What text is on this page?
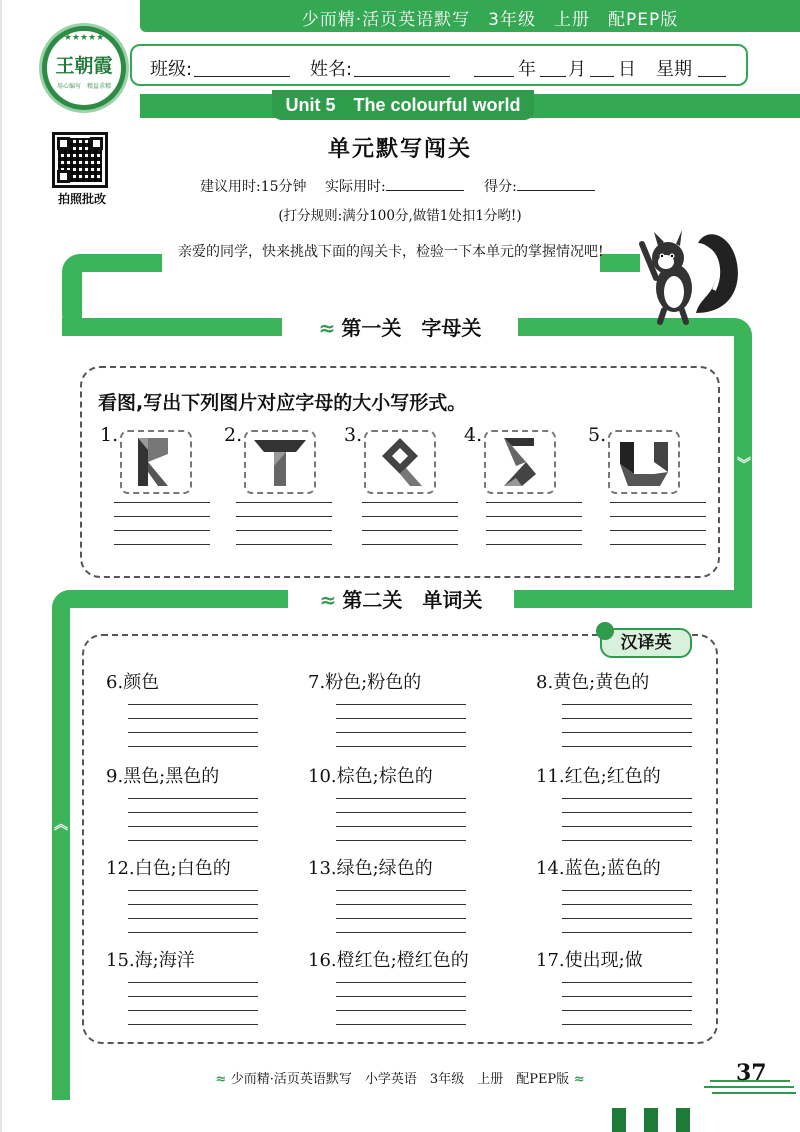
少而精·活页英语默写　3年级　上册　配PEP版
班级:	姓名:	年 月 日 星期
Unit 5　The colourful world
★★★★★
王朝霞
用心编写　精益求精
拍照批改
单元默写闯关
建议用时:15分钟 实际用时:	得分:
(打分规则:满分100分,做错1处扣1分哟!)
︾
︽
亲爱的同学，快来挑战下面的闯关卡，检验一下本单元的掌握情况吧!
≈ 第一关　字母关
看图,写出下列图片对应字母的大小写形式。
1.	2.	3.	4.	5.
≈ 第二关　单词关
汉译英
6.颜色	7.粉色;粉色的	8.黄色;黄色的
9.黑色;黑色的	10.棕色;棕色的	11.红色;红色的
12.白色;白色的	13.绿色;绿色的	14.蓝色;蓝色的
15.海;海洋	16.橙红色;橙红色的	17.使出现;做
≈ 少而精·活页英语默写　小学英语　3年级　上册　配PEP版 ≈	37
